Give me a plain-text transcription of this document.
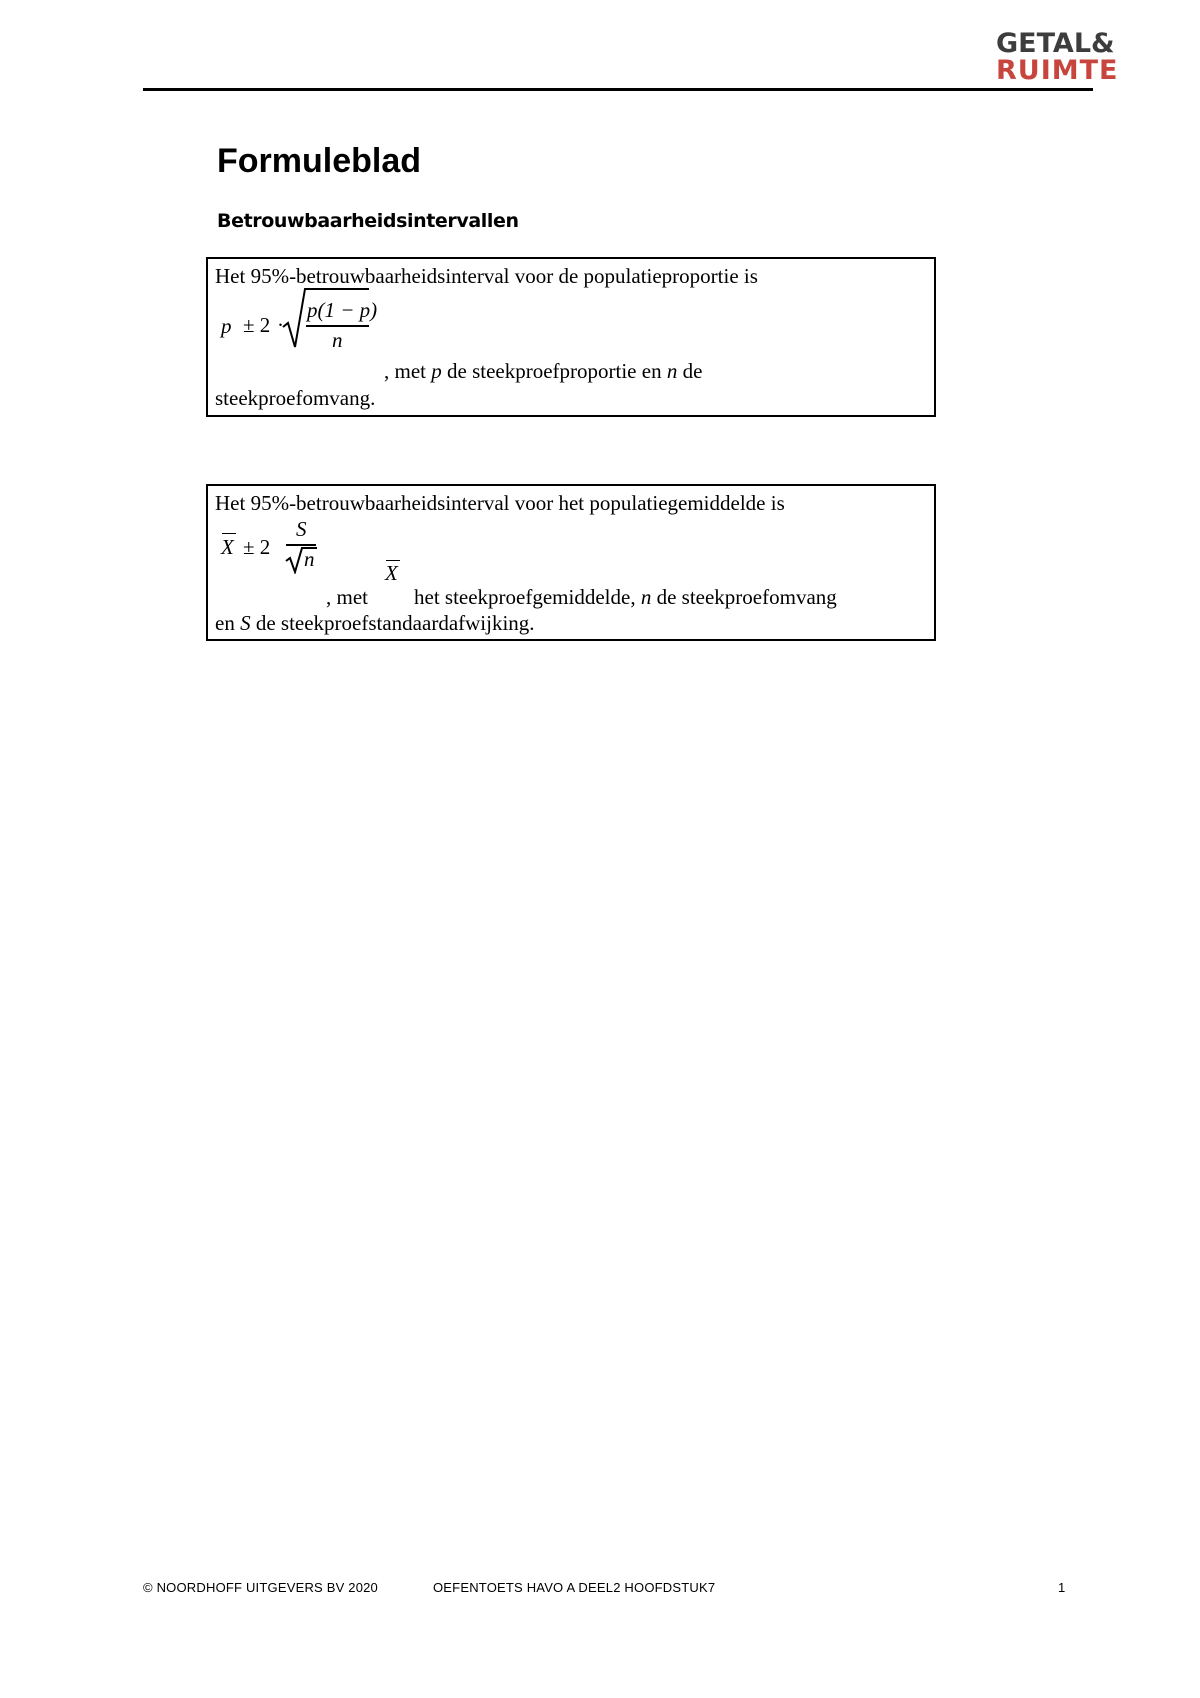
GETAL&
RUIMTE
Formuleblad
Betrouwbaarheidsintervallen
Het 95%-betrouwbaarheidsinterval voor de populatieproportie is
p ± 2 ·
p(1 − p)
n
, met p de steekproefproportie en n de
steekproefomvang.
Het 95%-betrouwbaarheidsinterval voor het populatiegemiddelde is
X ± 2
S
n
X
, met het steekproefgemiddelde, n de steekproefomvang
en S de steekproefstandaardafwijking.
© NOORDHOFF UITGEVERS BV 2020	OEFENTOETS HAVO A DEEL2 HOOFDSTUK7	1
